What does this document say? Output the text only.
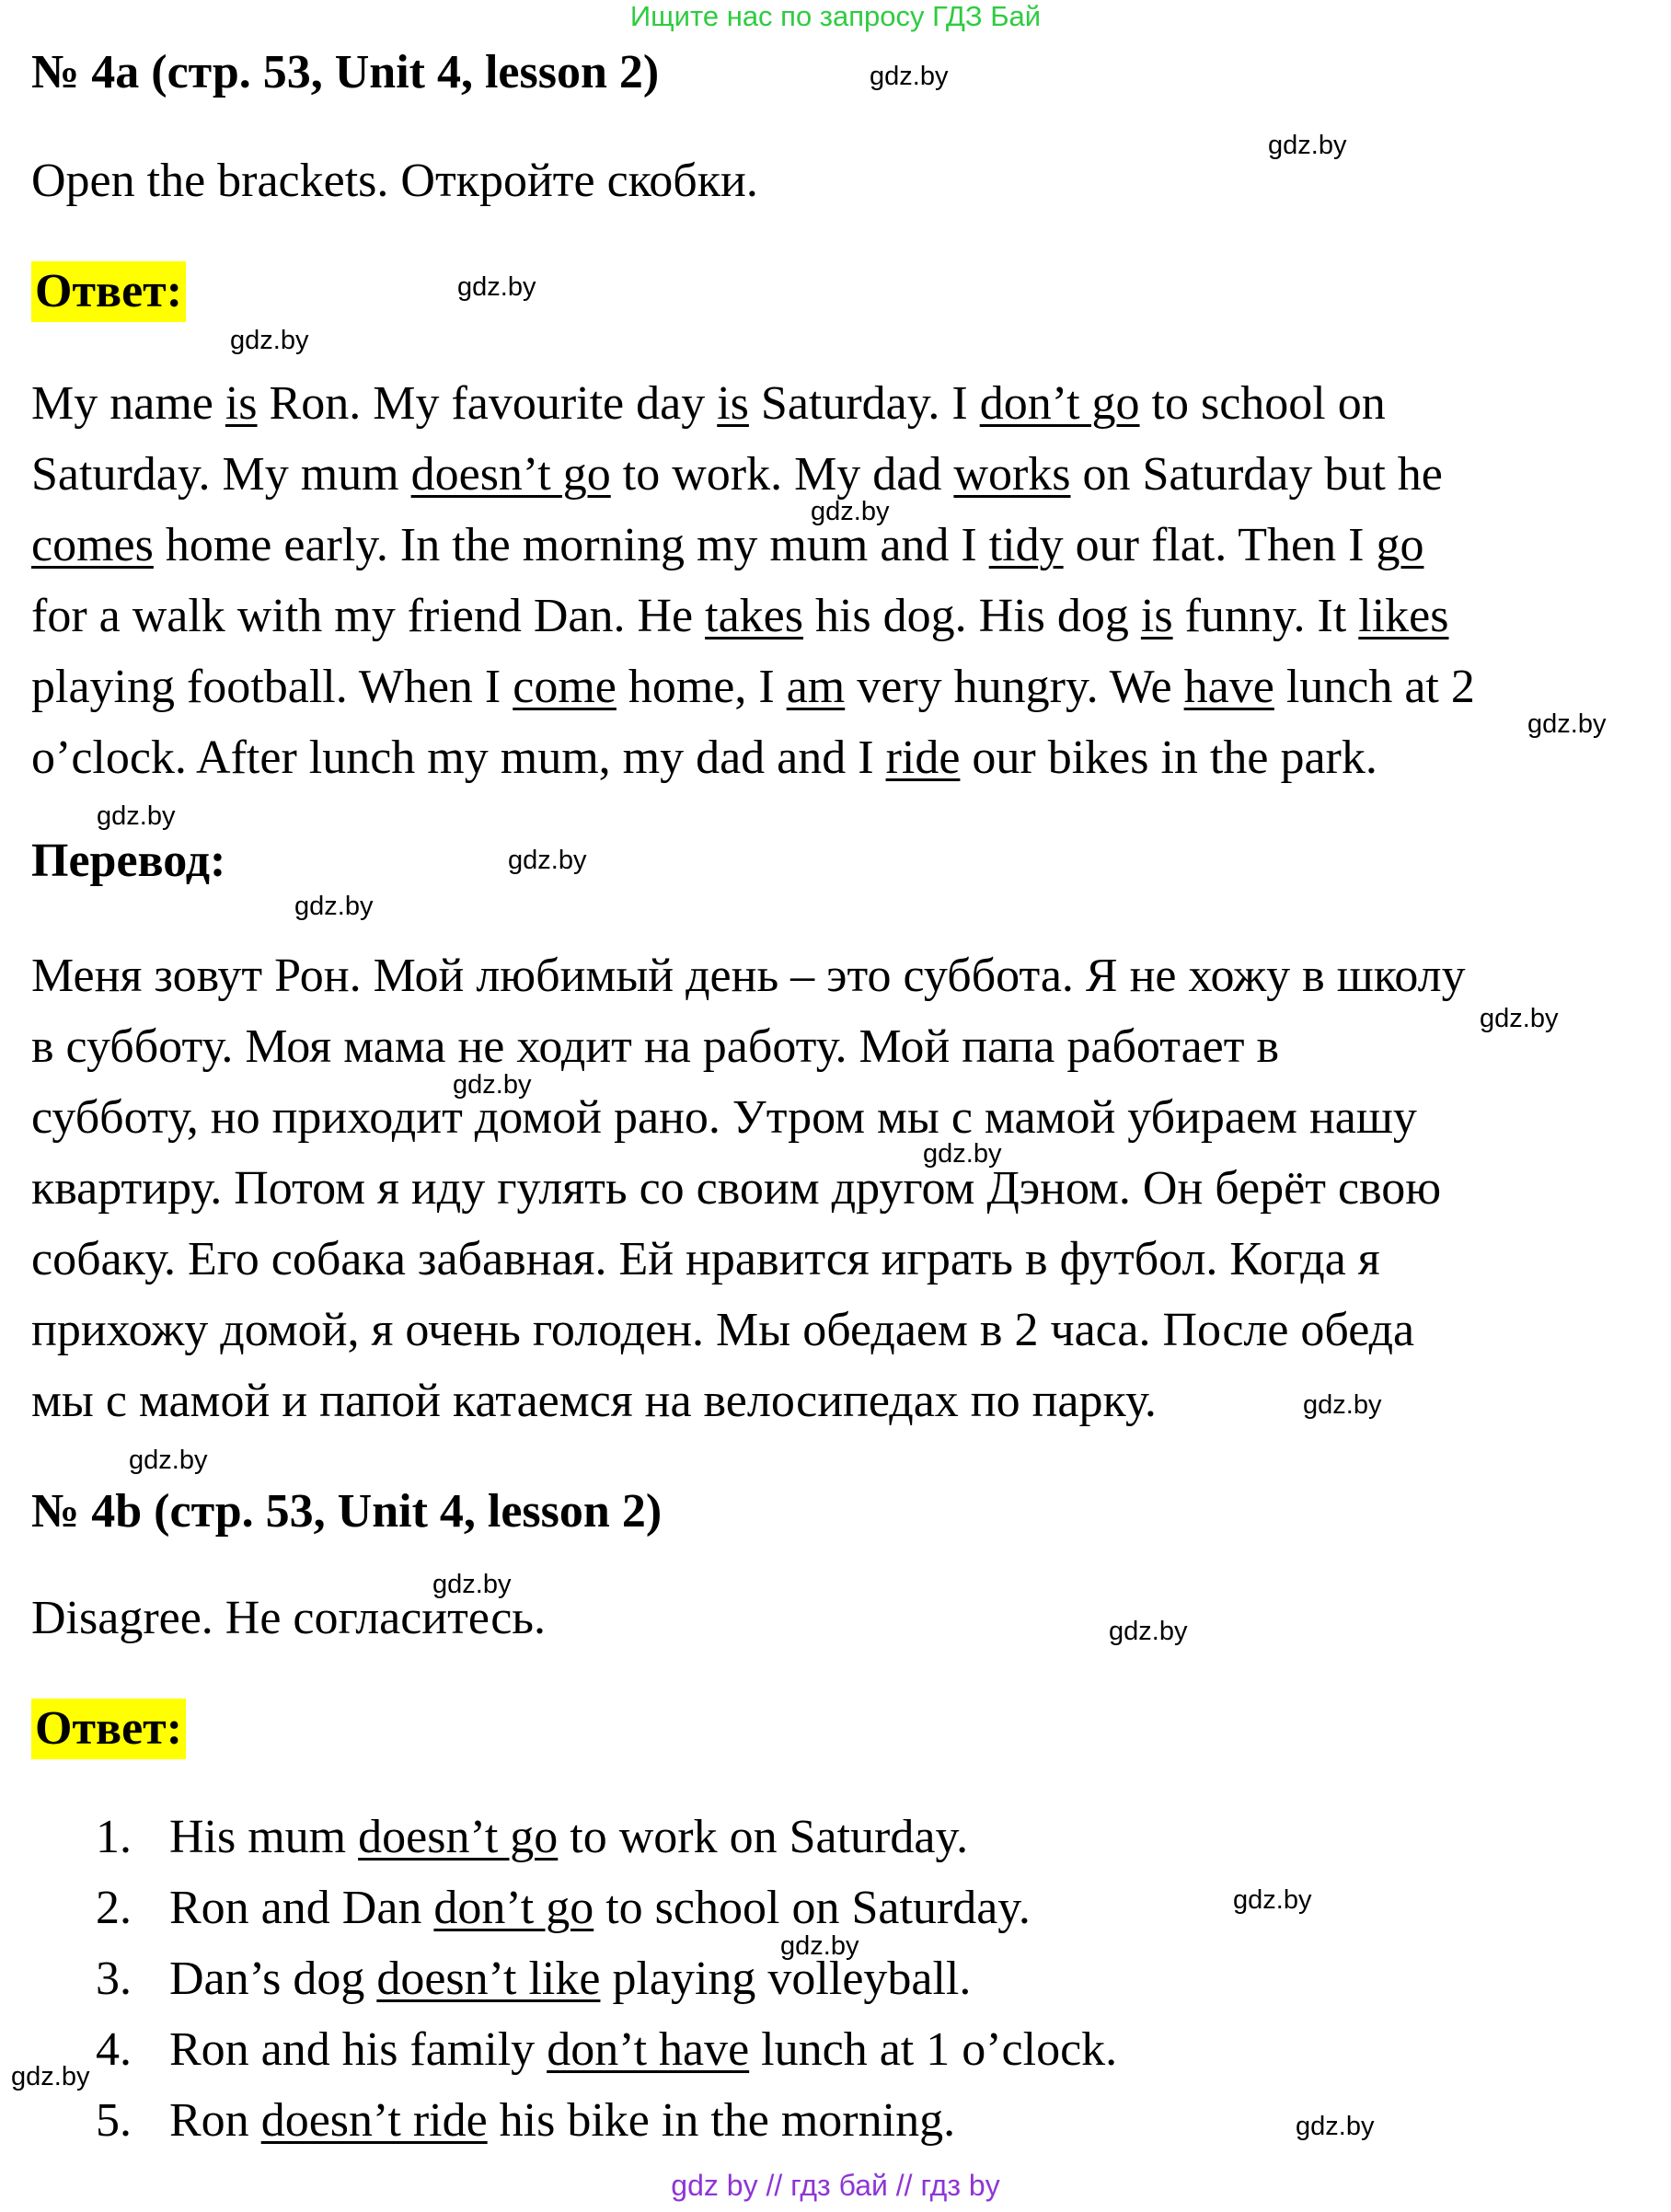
Ищите нас по запросу ГДЗ Бай
№ 4a (стр. 53, Unit 4, lesson 2)
Open the brackets. Откройте скобки.
Ответ:
My name is Ron. My favourite day is Saturday. I don’t go to school on
Saturday. My mum doesn’t go to work. My dad works on Saturday but he
comes home early. In the morning my mum and I tidy our flat. Then I go
for a walk with my friend Dan. He takes his dog. His dog is funny. It likes
playing football. When I come home, I am very hungry. We have lunch at 2
o’clock. After lunch my mum, my dad and I ride our bikes in the park.
Перевод:
Меня зовут Рон. Мой любимый день – это суббота. Я не хожу в школу
в субботу. Моя мама не ходит на работу. Мой папа работает в
субботу, но приходит домой рано. Утром мы с мамой убираем нашу
квартиру. Потом я иду гулять со своим другом Дэном. Он берёт свою
собаку. Его собака забавная. Ей нравится играть в футбол. Когда я
прихожу домой, я очень голоден. Мы обедаем в 2 часа. После обеда
мы с мамой и папой катаемся на велосипедах по парку.
№ 4b (стр. 53, Unit 4, lesson 2)
Disagree. Не согласитесь.
Ответ:
1. His mum doesn’t go to work on Saturday.
2. Ron and Dan don’t go to school on Saturday.
3. Dan’s dog doesn’t like playing volleyball.
4. Ron and his family don’t have lunch at 1 o’clock.
5. Ron doesn’t ride his bike in the morning.
gdz.by
gdz.by
gdz.by
gdz.by
gdz.by
gdz.by
gdz.by
gdz.by
gdz.by
gdz.by
gdz.by
gdz.by
gdz.by
gdz.by
gdz.by
gdz.by
gdz.by
gdz.by
gdz.by
gdz.by
gdz by // гдз бай // гдз by
